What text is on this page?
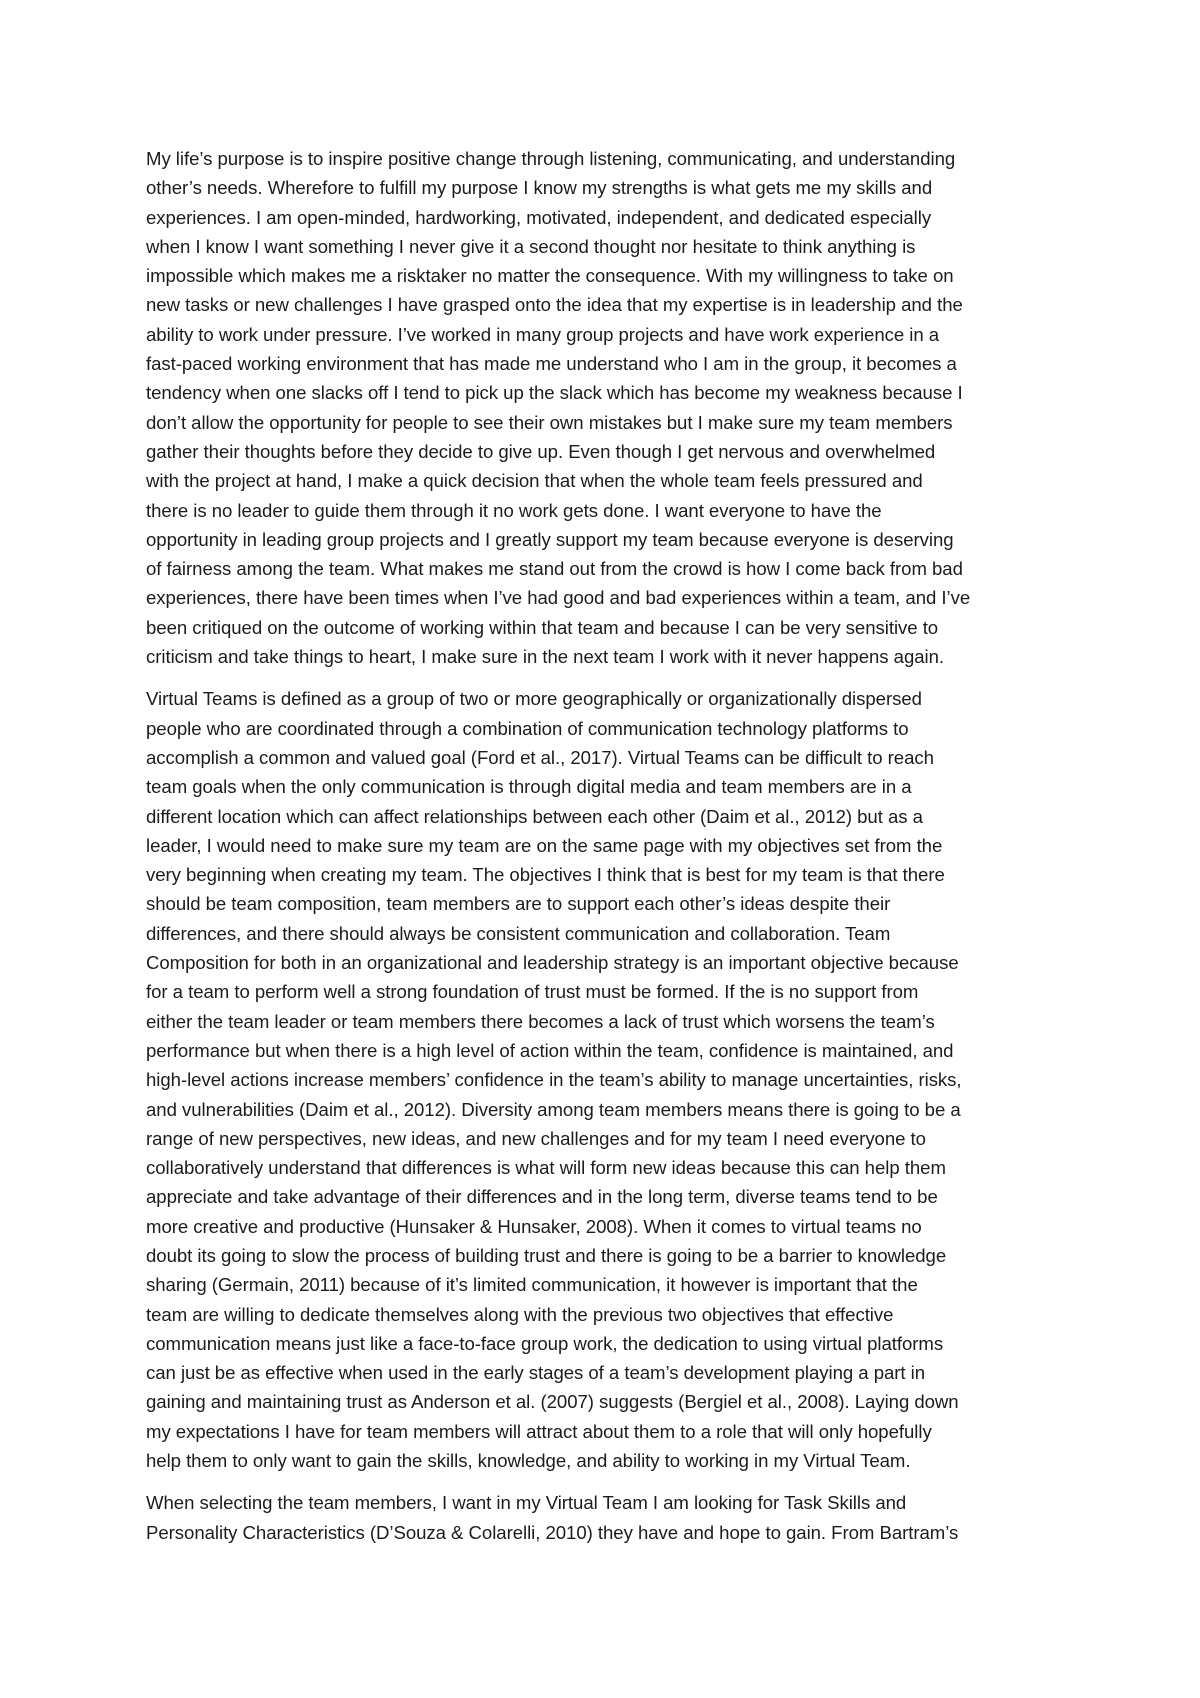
My life’s purpose is to inspire positive change through listening, communicating, and understanding
other’s needs. Wherefore to fulfill my purpose I know my strengths is what gets me my skills and
experiences. I am open-minded, hardworking, motivated, independent, and dedicated especially
when I know I want something I never give it a second thought nor hesitate to think anything is
impossible which makes me a risktaker no matter the consequence. With my willingness to take on
new tasks or new challenges I have grasped onto the idea that my expertise is in leadership and the
ability to work under pressure. I’ve worked in many group projects and have work experience in a
fast-paced working environment that has made me understand who I am in the group, it becomes a
tendency when one slacks off I tend to pick up the slack which has become my weakness because I
don’t allow the opportunity for people to see their own mistakes but I make sure my team members
gather their thoughts before they decide to give up. Even though I get nervous and overwhelmed
with the project at hand, I make a quick decision that when the whole team feels pressured and
there is no leader to guide them through it no work gets done. I want everyone to have the
opportunity in leading group projects and I greatly support my team because everyone is deserving
of fairness among the team. What makes me stand out from the crowd is how I come back from bad
experiences, there have been times when I’ve had good and bad experiences within a team, and I’ve
been critiqued on the outcome of working within that team and because I can be very sensitive to
criticism and take things to heart, I make sure in the next team I work with it never happens again.

Virtual Teams is defined as a group of two or more geographically or organizationally dispersed
people who are coordinated through a combination of communication technology platforms to
accomplish a common and valued goal (Ford et al., 2017). Virtual Teams can be difficult to reach
team goals when the only communication is through digital media and team members are in a
different location which can affect relationships between each other (Daim et al., 2012) but as a
leader, I would need to make sure my team are on the same page with my objectives set from the
very beginning when creating my team. The objectives I think that is best for my team is that there
should be team composition, team members are to support each other’s ideas despite their
differences, and there should always be consistent communication and collaboration. Team
Composition for both in an organizational and leadership strategy is an important objective because
for a team to perform well a strong foundation of trust must be formed. If the is no support from
either the team leader or team members there becomes a lack of trust which worsens the team’s
performance but when there is a high level of action within the team, confidence is maintained, and
high-level actions increase members’ confidence in the team’s ability to manage uncertainties, risks,
and vulnerabilities (Daim et al., 2012). Diversity among team members means there is going to be a
range of new perspectives, new ideas, and new challenges and for my team I need everyone to
collaboratively understand that differences is what will form new ideas because this can help them
appreciate and take advantage of their differences and in the long term, diverse teams tend to be
more creative and productive (Hunsaker & Hunsaker, 2008). When it comes to virtual teams no
doubt its going to slow the process of building trust and there is going to be a barrier to knowledge
sharing (Germain, 2011) because of it’s limited communication, it however is important that the
team are willing to dedicate themselves along with the previous two objectives that effective
communication means just like a face-to-face group work, the dedication to using virtual platforms
can just be as effective when used in the early stages of a team’s development playing a part in
gaining and maintaining trust as Anderson et al. (2007) suggests (Bergiel et al., 2008). Laying down
my expectations I have for team members will attract about them to a role that will only hopefully
help them to only want to gain the skills, knowledge, and ability to working in my Virtual Team.

When selecting the team members, I want in my Virtual Team I am looking for Task Skills and
Personality Characteristics (D’Souza & Colarelli, 2010) they have and hope to gain. From Bartram’s
